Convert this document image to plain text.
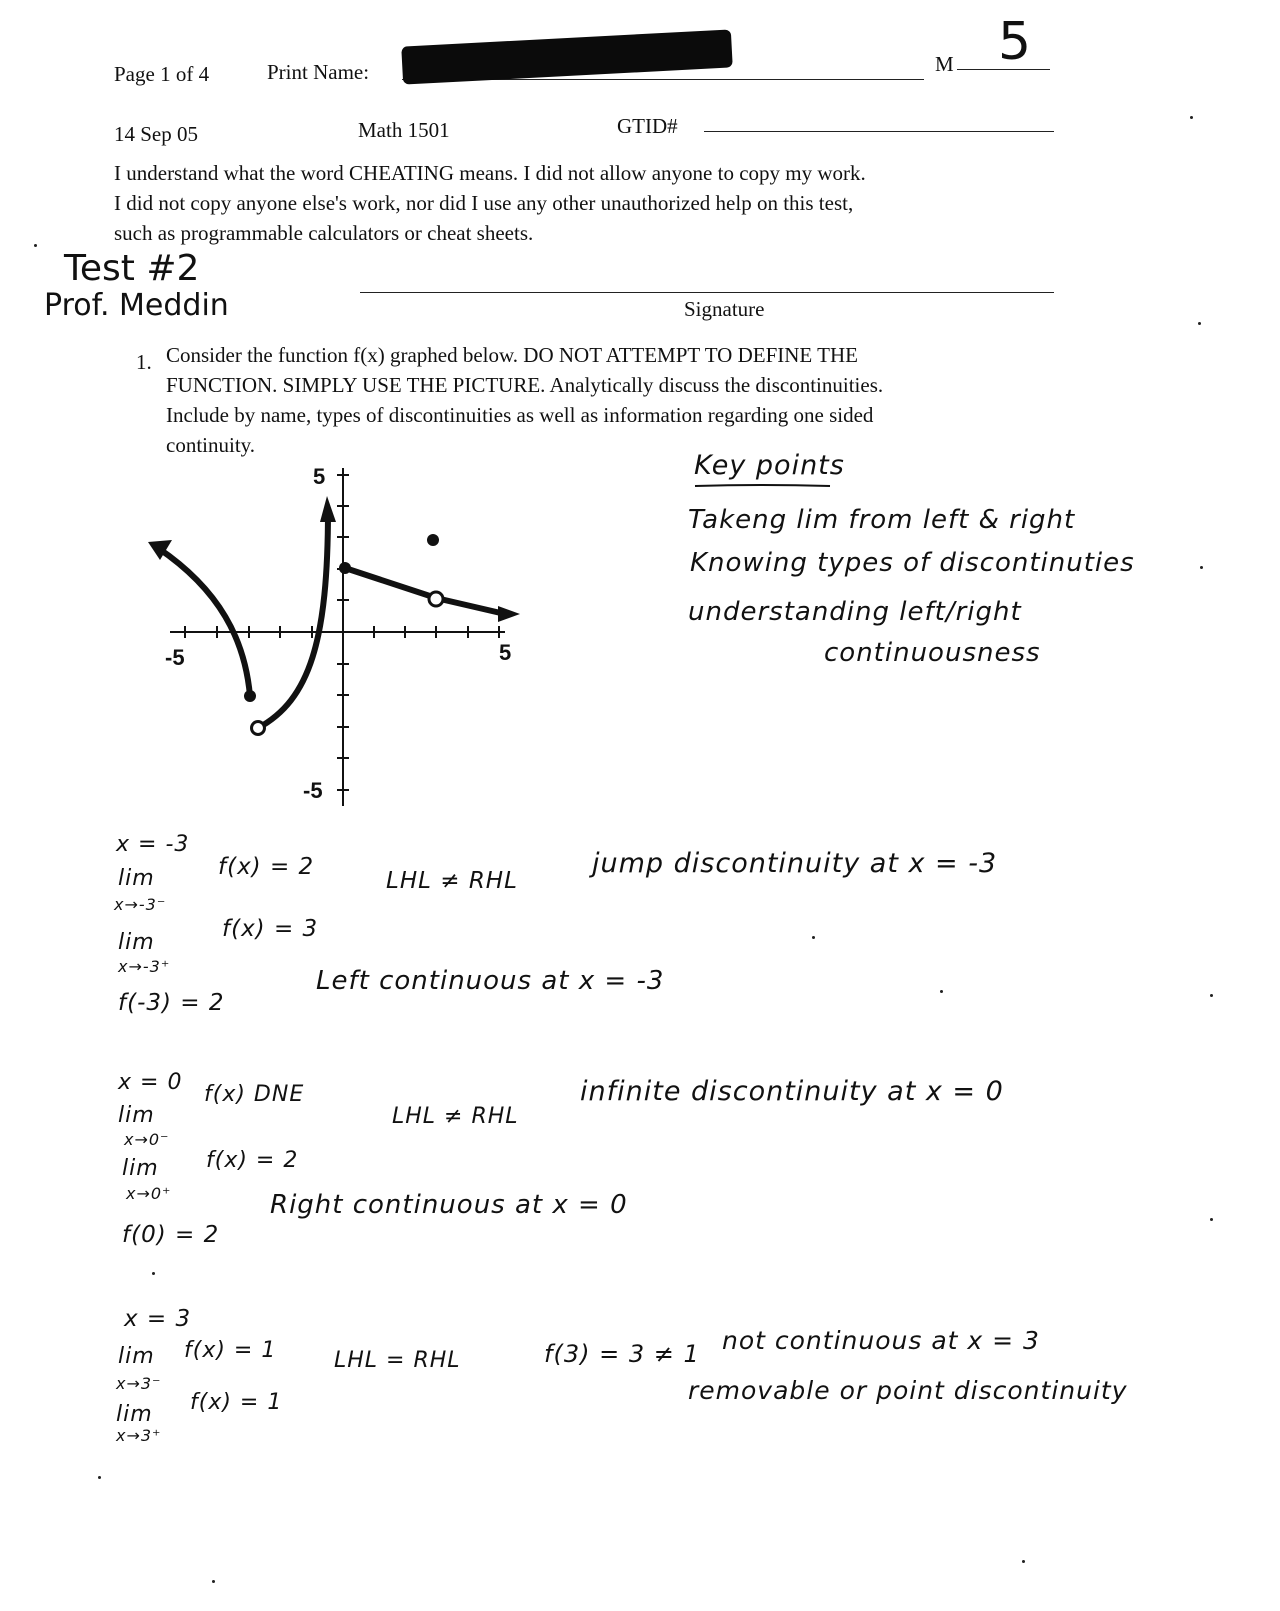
Page 1 of 4	Print Name:	M 5
14 Sep 05	Math 1501	GTID#
I understand what the word CHEATING means. I did not allow anyone to copy my work.
I did not copy anyone else's work, nor did I use any other unauthorized help on this test,
such as programmable calculators or cheat sheets.
Test #2
Prof. Meddin	Signature
1. Consider the function f(x) graphed below. DO NOT ATTEMPT TO DEFINE THE
FUNCTION. SIMPLY USE THE PICTURE. Analytically discuss the discontinuities.
Include by name, types of discontinuities as well as information regarding one sided
continuity.
5
-5
-5	5
Key points
Takeng lim from left & right
Knowing types of discontinuties
understanding left/right
continuousness
x = -3
lim
x→-3⁻
f(x) = 2
lim
x→-3⁺
f(x) = 3
f(-3) = 2
LHL ≠ RHL
jump discontinuity at x = -3
Left continuous at x = -3
x = 0
lim
x→0⁻
f(x) DNE
lim
x→0⁺
f(x) = 2
f(0) = 2
LHL ≠ RHL
infinite discontinuity at x = 0
Right continuous at x = 0
x = 3
lim
x→3⁻
f(x) = 1
lim
x→3⁺
f(x) = 1
LHL = RHL	f(3) = 3 ≠ 1 not continuous at x = 3
removable or point discontinuity
